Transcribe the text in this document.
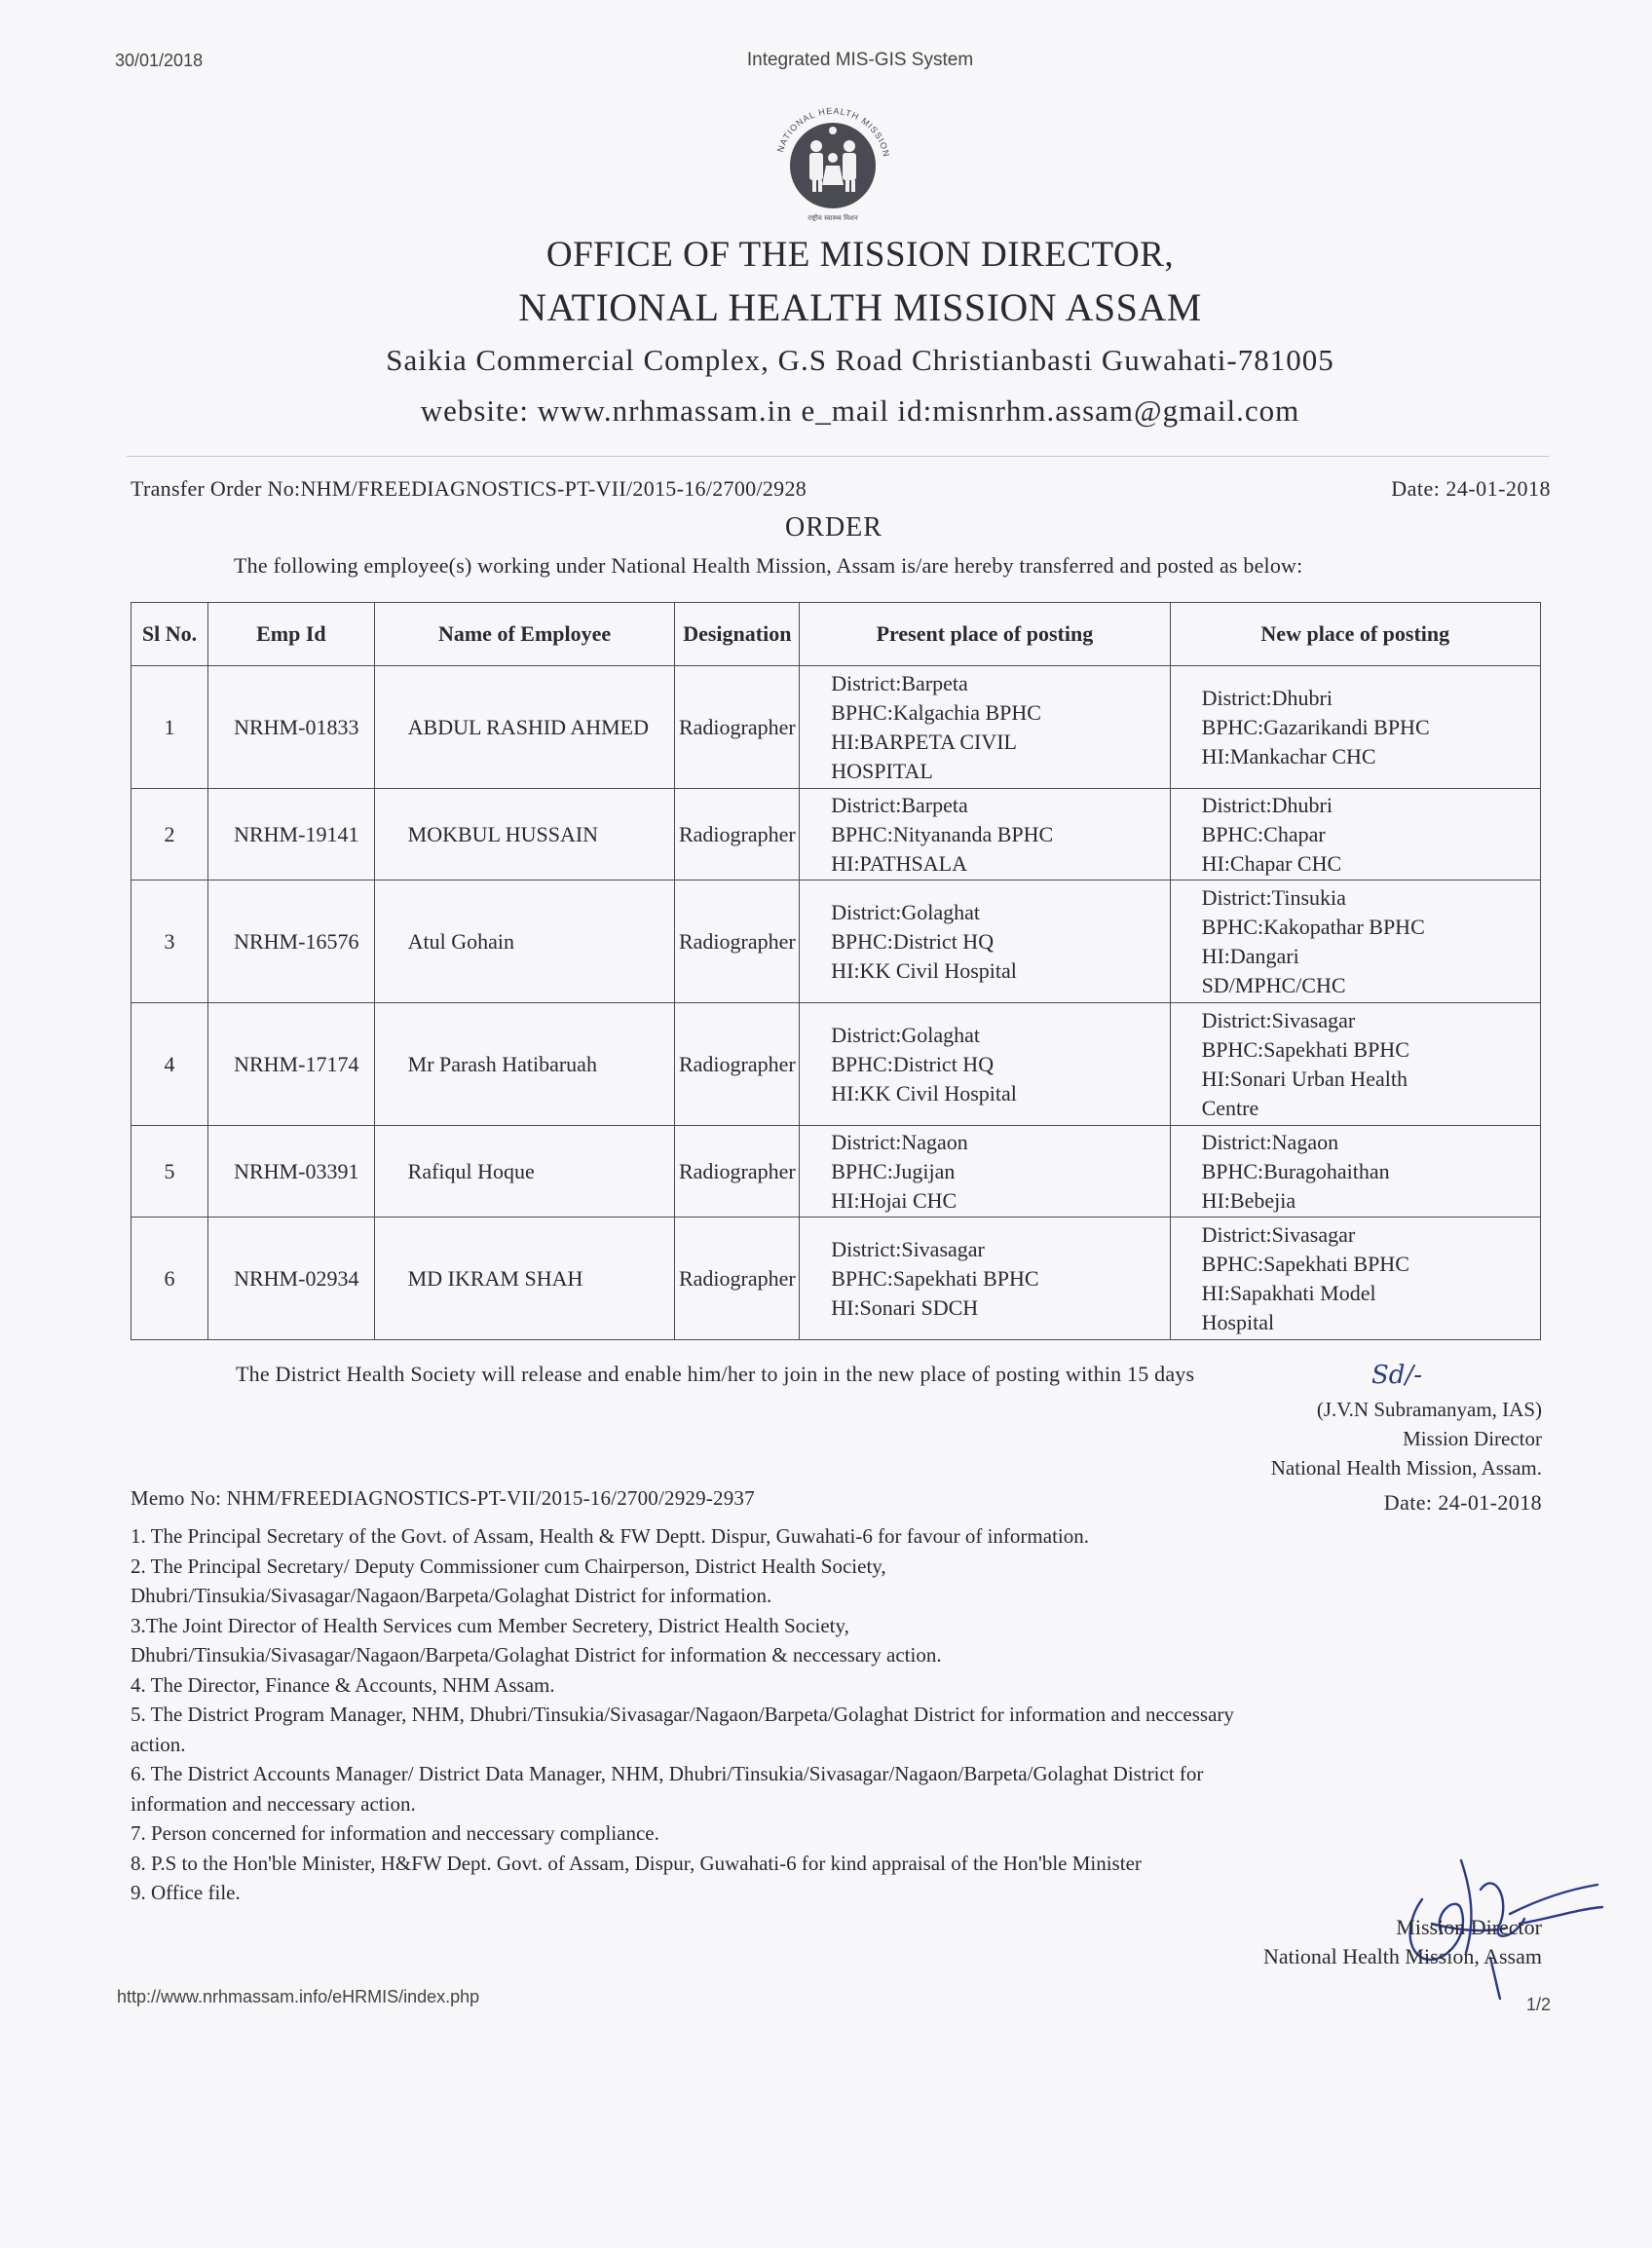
30/01/2018	Integrated MIS-GIS System
NATIONAL HEALTH MISSION
राष्ट्रीय स्वास्थ्य मिशन
OFFICE OF THE MISSION DIRECTOR,
NATIONAL HEALTH MISSION ASSAM
Saikia Commercial Complex, G.S Road Christianbasti Guwahati-781005
website: www.nrhmassam.in e_mail id:misnrhm.assam@gmail.com
Transfer Order No:NHM/FREEDIAGNOSTICS-PT-VII/2015-16/2700/2928	Date: 24-01-2018
ORDER
The following employee(s) working under National Health Mission, Assam is/are hereby transferred and posted as below:
Sl No.	Emp Id	Name of Employee	Designation	Present place of posting	New place of posting
1	NRHM-01833	ABDUL RASHID AHMED	Radiographer	District:Barpeta
BPHC:Kalgachia BPHC
HI:BARPETA CIVIL
HOSPITAL	District:Dhubri
BPHC:Gazarikandi BPHC
HI:Mankachar CHC

2	NRHM-19141	MOKBUL HUSSAIN	Radiographer	District:Barpeta
BPHC:Nityananda BPHC
HI:PATHSALA	District:Dhubri
BPHC:Chapar
HI:Chapar CHC

3	NRHM-16576	Atul Gohain	Radiographer	District:Golaghat
BPHC:District HQ
HI:KK Civil Hospital	District:Tinsukia
BPHC:Kakopathar BPHC
HI:Dangari
SD/MPHC/CHC

4	NRHM-17174	Mr Parash Hatibaruah	Radiographer	District:Golaghat
BPHC:District HQ
HI:KK Civil Hospital	District:Sivasagar
BPHC:Sapekhati BPHC
HI:Sonari Urban Health
Centre

5	NRHM-03391	Rafiqul Hoque	Radiographer	District:Nagaon
BPHC:Jugijan
HI:Hojai CHC	District:Nagaon
BPHC:Buragohaithan
HI:Bebejia

6	NRHM-02934	MD IKRAM SHAH	Radiographer	District:Sivasagar
BPHC:Sapekhati BPHC
HI:Sonari SDCH	District:Sivasagar
BPHC:Sapekhati BPHC
HI:Sapakhati Model
Hospital
The District Health Society will release and enable him/her to join in the new place of posting within 15 days	Sd/-
(J.V.N Subramanyam, IAS)
Mission Director
National Health Mission, Assam.
Memo No: NHM/FREEDIAGNOSTICS-PT-VII/2015-16/2700/2929-2937	Date: 24-01-2018
1. The Principal Secretary of the Govt. of Assam, Health & FW Deptt. Dispur, Guwahati-6 for favour of information.
2. The Principal Secretary/ Deputy Commissioner cum Chairperson, District Health Society,
Dhubri/Tinsukia/Sivasagar/Nagaon/Barpeta/Golaghat District for information.
3.The Joint Director of Health Services cum Member Secretery, District Health Society,
Dhubri/Tinsukia/Sivasagar/Nagaon/Barpeta/Golaghat District for information & neccessary action.
4. The Director, Finance & Accounts, NHM Assam.
5. The District Program Manager, NHM, Dhubri/Tinsukia/Sivasagar/Nagaon/Barpeta/Golaghat District for information and neccessary
action.
6. The District Accounts Manager/ District Data Manager, NHM, Dhubri/Tinsukia/Sivasagar/Nagaon/Barpeta/Golaghat District for
information and neccessary action.
7. Person concerned for information and neccessary compliance.
8. P.S to the Hon'ble Minister, H&FW Dept. Govt. of Assam, Dispur, Guwahati-6 for kind appraisal of the Hon'ble Minister
9. Office file.
Mission Director
National Health Mission, Assam
http://www.nrhmassam.info/eHRMIS/index.php	1/2
